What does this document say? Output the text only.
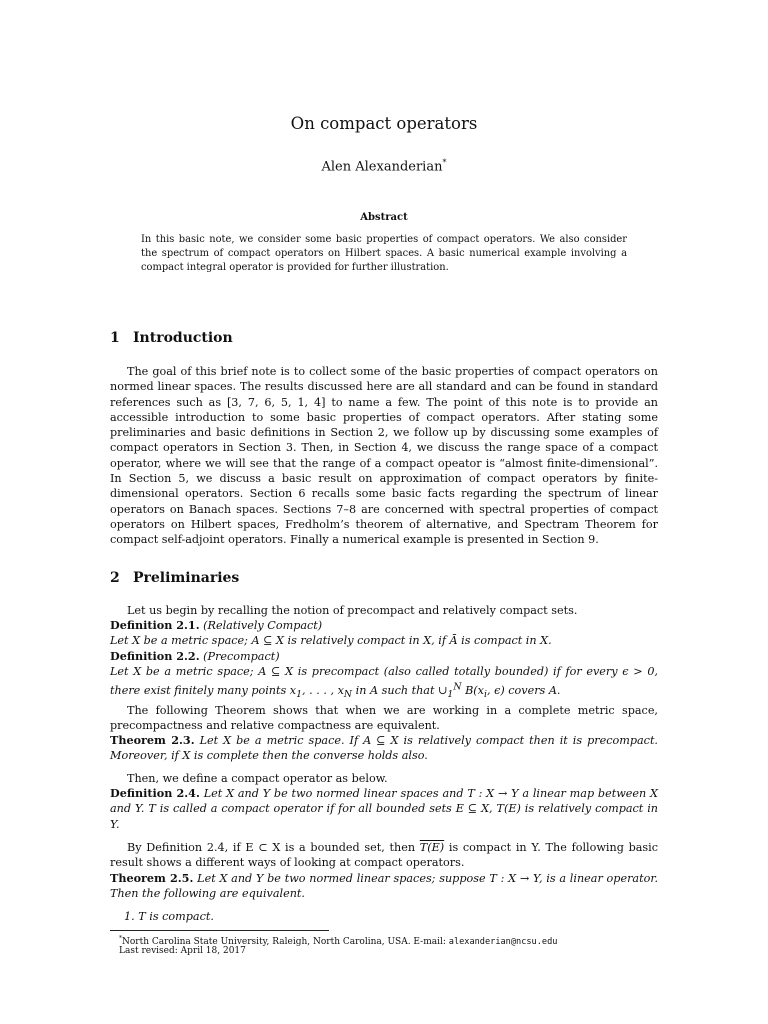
On compact operators
Alen Alexanderian*
Abstract
In this basic note, we consider some basic properties of compact operators. We also consider the spectrum of compact operators on Hilbert spaces. A basic numerical example involving a compact integral operator is provided for further illustration.
1 Introduction
The goal of this brief note is to collect some of the basic properties of compact operators on normed linear spaces. The results discussed here are all standard and can be found in standard references such as [3, 7, 6, 5, 1, 4] to name a few. The point of this note is to provide an accessible introduction to some basic properties of compact operators. After stating some preliminaries and basic definitions in Section 2, we follow up by discussing some examples of compact operators in Section 3. Then, in Section 4, we discuss the range space of a compact operator, where we will see that the range of a compact opeator is “almost finite-dimensional”. In Section 5, we discuss a basic result on approximation of compact operators by finite-dimensional operators. Section 6 recalls some basic facts regarding the spectrum of linear operators on Banach spaces. Sections 7–8 are concerned with spectral properties of compact operators on Hilbert spaces, Fredholm’s theorem of alternative, and Spectram Theorem for compact self-adjoint operators. Finally a numerical example is presented in Section 9.
2 Preliminaries
Let us begin by recalling the notion of precompact and relatively compact sets.
Definition 2.1. (Relatively Compact)
Let X be a metric space; A ⊆ X is relatively compact in X, if Ā is compact in X.
Definition 2.2. (Precompact)
Let X be a metric space; A ⊆ X is precompact (also called totally bounded) if for every ϵ > 0, there exist finitely many points $x_1$, . . . , $x_N$ in A such that $\cup_1^N$ $B(x_i$, ϵ) covers A.
The following Theorem shows that when we are working in a complete metric space, precompactness and relative compactness are equivalent.
Theorem 2.3. Let X be a metric space. If A ⊆ X is relatively compact then it is precompact. Moreover, if X is complete then the converse holds also.
Then, we define a compact operator as below.
Definition 2.4. Let X and Y be two normed linear spaces and T : X → Y a linear map between X and Y. T is called a compact operator if for all bounded sets E ⊆ X, T(E) is relatively compact in Y.
By Definition 2.4, if E ⊂ X is a bounded set, then T(E) is compact in Y. The following basic result shows a different ways of looking at compact operators.
Theorem 2.5. Let X and Y be two normed linear spaces; suppose T : X → Y, is a linear operator. Then the following are equivalent.
1. T is compact.
*North Carolina State University, Raleigh, North Carolina, USA. E-mail: alexanderian@ncsu.edu
Last revised: April 18, 2017
